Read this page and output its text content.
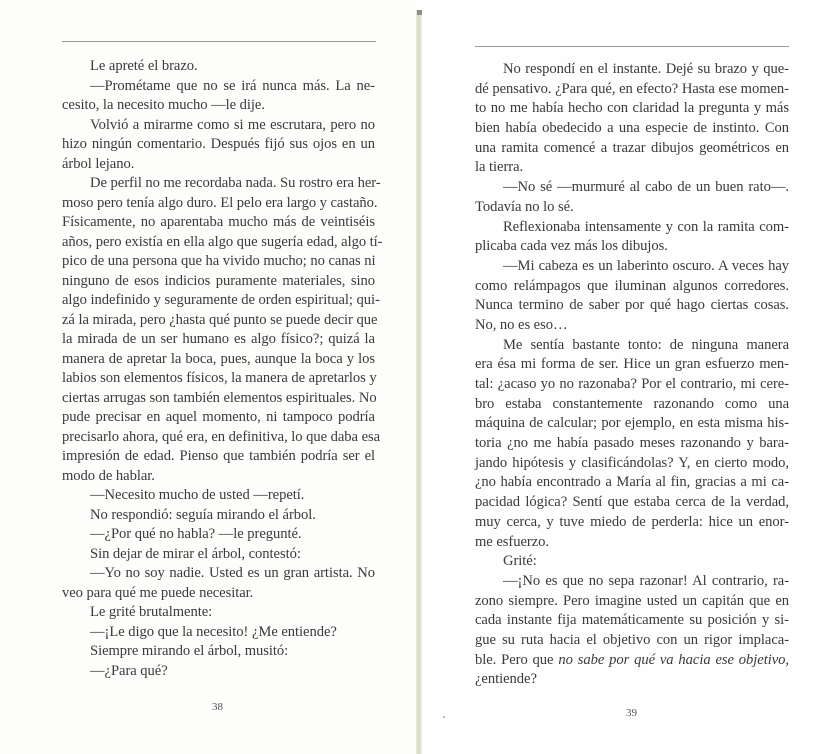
Le apreté el brazo.
—Prométame que no se irá nunca más. La ne-
cesito, la necesito mucho —le dije.
Volvió a mirarme como si me escrutara, pero no
hizo ningún comentario. Después fijó sus ojos en un
árbol lejano.
De perfil no me recordaba nada. Su rostro era her-
moso pero tenía algo duro. El pelo era largo y castaño.
Físicamente, no aparentaba mucho más de veintiséis
años, pero existía en ella algo que sugería edad, algo tí-
pico de una persona que ha vivido mucho; no canas ni
ninguno de esos indicios puramente materiales, sino
algo indefinido y seguramente de orden espiritual; qui-
zá la mirada, pero ¿hasta qué punto se puede decir que
la mirada de un ser humano es algo físico?; quizá la
manera de apretar la boca, pues, aunque la boca y los
labios son elementos físicos, la manera de apretarlos y
ciertas arrugas son también elementos espirituales. No
pude precisar en aquel momento, ni tampoco podría
precisarlo ahora, qué era, en definitiva, lo que daba esa
impresión de edad. Pienso que también podría ser el
modo de hablar.
—Necesito mucho de usted —repetí.
No respondió: seguía mirando el árbol.
—¿Por qué no habla? —le pregunté.
Sin dejar de mirar el árbol, contestó:
—Yo no soy nadie. Usted es un gran artista. No
veo para qué me puede necesitar.
Le grité brutalmente:
—¡Le digo que la necesito! ¿Me entiende?
Siempre mirando el árbol, musitó:
—¿Para qué?
38
No respondí en el instante. Dejé su brazo y que-
dé pensativo. ¿Para qué, en efecto? Hasta ese momen-
to no me había hecho con claridad la pregunta y más
bien había obedecido a una especie de instinto. Con
una ramita comencé a trazar dibujos geométricos en
la tierra.
—No sé —murmuré al cabo de un buen rato—.
Todavía no lo sé.
Reflexionaba intensamente y con la ramita com-
plicaba cada vez más los dibujos.
—Mi cabeza es un laberinto oscuro. A veces hay
como relámpagos que iluminan algunos corredores.
Nunca termino de saber por qué hago ciertas cosas.
No, no es eso…
Me sentía bastante tonto: de ninguna manera
era ésa mi forma de ser. Hice un gran esfuerzo men-
tal: ¿acaso yo no razonaba? Por el contrario, mi cere-
bro estaba constantemente razonando como una
máquina de calcular; por ejemplo, en esta misma his-
toria ¿no me había pasado meses razonando y bara-
jando hipótesis y clasificándolas? Y, en cierto modo,
¿no había encontrado a María al fin, gracias a mi ca-
pacidad lógica? Sentí que estaba cerca de la verdad,
muy cerca, y tuve miedo de perderla: hice un enor-
me esfuerzo.
Grité:
—¡No es que no sepa razonar! Al contrario, ra-
zono siempre. Pero imagine usted un capitán que en
cada instante fija matemáticamente su posición y si-
gue su ruta hacia el objetivo con un rigor implaca-
ble. Pero que no sabe por qué va hacia ese objetivo,
¿entiende?
39
